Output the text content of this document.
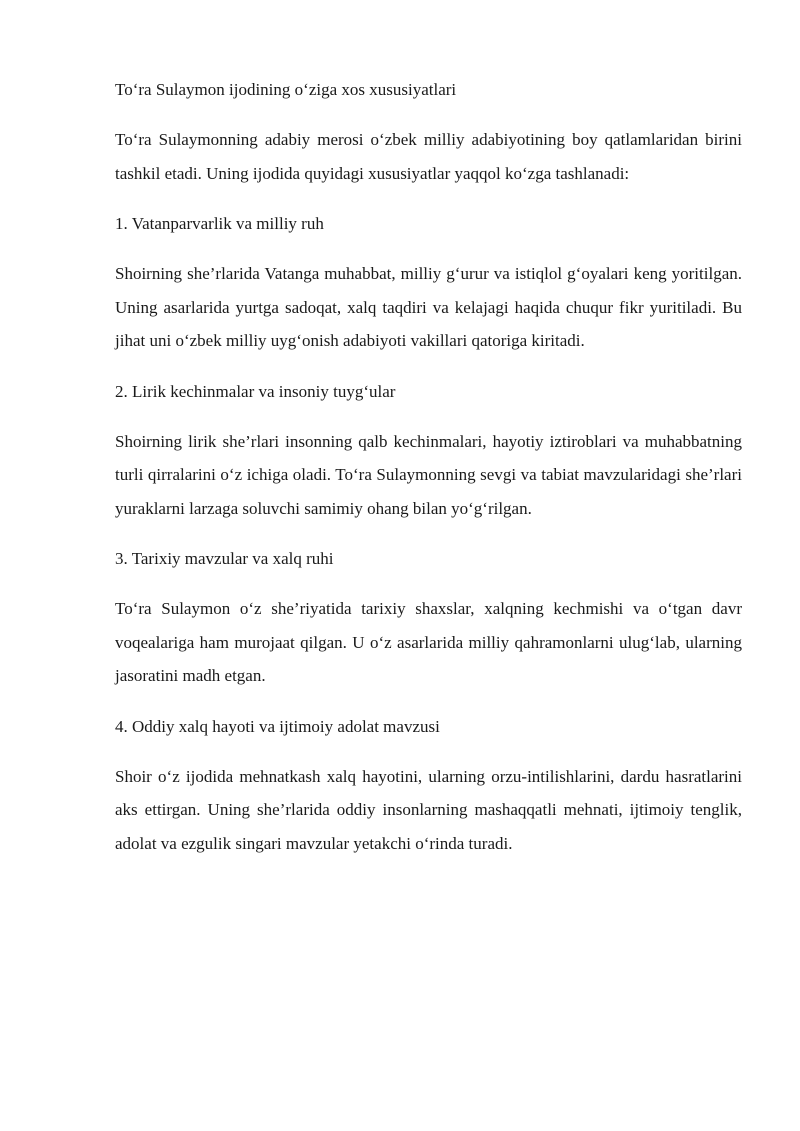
To‘ra Sulaymon ijodining o‘ziga xos xususiyatlari

To‘ra Sulaymonning adabiy merosi o‘zbek milliy adabiyotining boy qatlamlaridan birini tashkil etadi. Uning ijodida quyidagi xususiyatlar yaqqol ko‘zga tashlanadi:

1. Vatanparvarlik va milliy ruh

Shoirning she’rlarida Vatanga muhabbat, milliy g‘urur va istiqlol g‘oyalari keng yoritilgan. Uning asarlarida yurtga sadoqat, xalq taqdiri va kelajagi haqida chuqur fikr yuritiladi. Bu jihat uni o‘zbek milliy uyg‘onish adabiyoti vakillari qatoriga kiritadi.

2. Lirik kechinmalar va insoniy tuyg‘ular

Shoirning lirik she’rlari insonning qalb kechinmalari, hayotiy iztiroblari va muhabbatning turli qirralarini o‘z ichiga oladi. To‘ra Sulaymonning sevgi va tabiat mavzularidagi she’rlari yuraklarni larzaga soluvchi samimiy ohang bilan yo‘g‘rilgan.

3. Tarixiy mavzular va xalq ruhi

To‘ra Sulaymon o‘z she’riyatida tarixiy shaxslar, xalqning kechmishi va o‘tgan davr voqealariga ham murojaat qilgan. U o‘z asarlarida milliy qahramonlarni ulug‘lab, ularning jasoratini madh etgan.

4. Oddiy xalq hayoti va ijtimoiy adolat mavzusi

Shoir o‘z ijodida mehnatkash xalq hayotini, ularning orzu-intilishlarini, dardu hasratlarini aks ettirgan. Uning she’rlarida oddiy insonlarning mashaqqatli mehnati, ijtimoiy tenglik, adolat va ezgulik singari mavzular yetakchi o‘rinda turadi.
